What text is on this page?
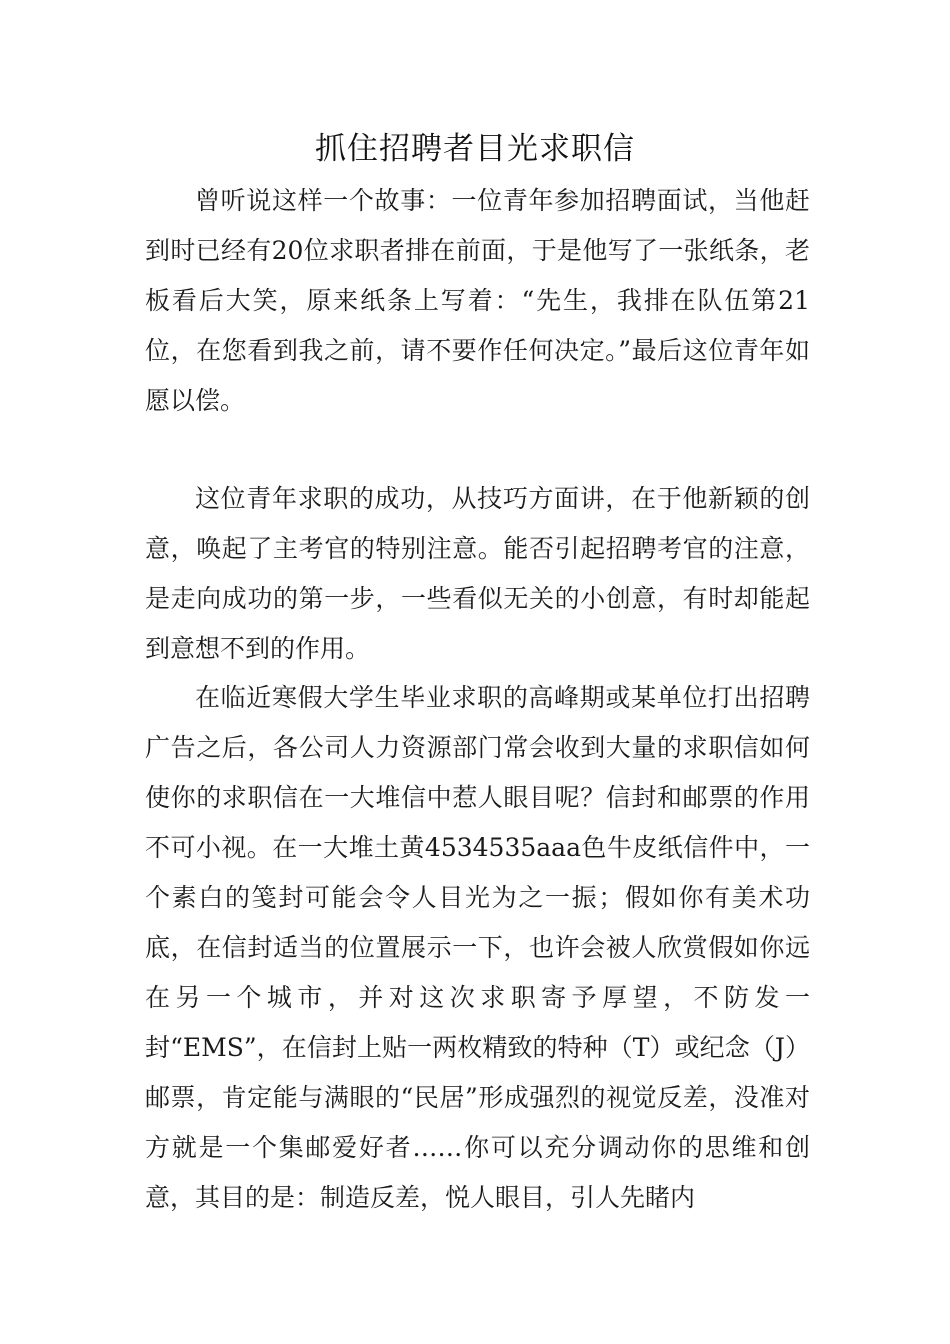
抓住招聘者目光求职信

曾听说这样一个故事：一位青年参加招聘面试，当他赶到时已经有20位求职者排在前面，于是他写了一张纸条，老板看后大笑，原来纸条上写着：“先生，我排在队伍第21位，在您看到我之前，请不要作任何决定。”最后这位青年如愿以偿。

这位青年求职的成功，从技巧方面讲，在于他新颖的创意，唤起了主考官的特别注意。能否引起招聘考官的注意，是走向成功的第一步，一些看似无关的小创意，有时却能起到意想不到的作用。

在临近寒假大学生毕业求职的高峰期或某单位打出招聘广告之后，各公司人力资源部门常会收到大量的求职信如何使你的求职信在一大堆信中惹人眼目呢？信封和邮票的作用不可小视。在一大堆土黄4534535aaa色牛皮纸信件中，一个素白的笺封可能会令人目光为之一振；假如你有美术功底，在信封适当的位置展示一下，也许会被人欣赏假如你远在另一个城市，并对这次求职寄予厚望，不防发一封“EMS”，在信封上贴一两枚精致的特种（T）或纪念（J）邮票，肯定能与满眼的“民居”形成强烈的视觉反差，没准对方就是一个集邮爱好者……你可以充分调动你的思维和创意，其目的是：制造反差，悦人眼目，引人先睹内
